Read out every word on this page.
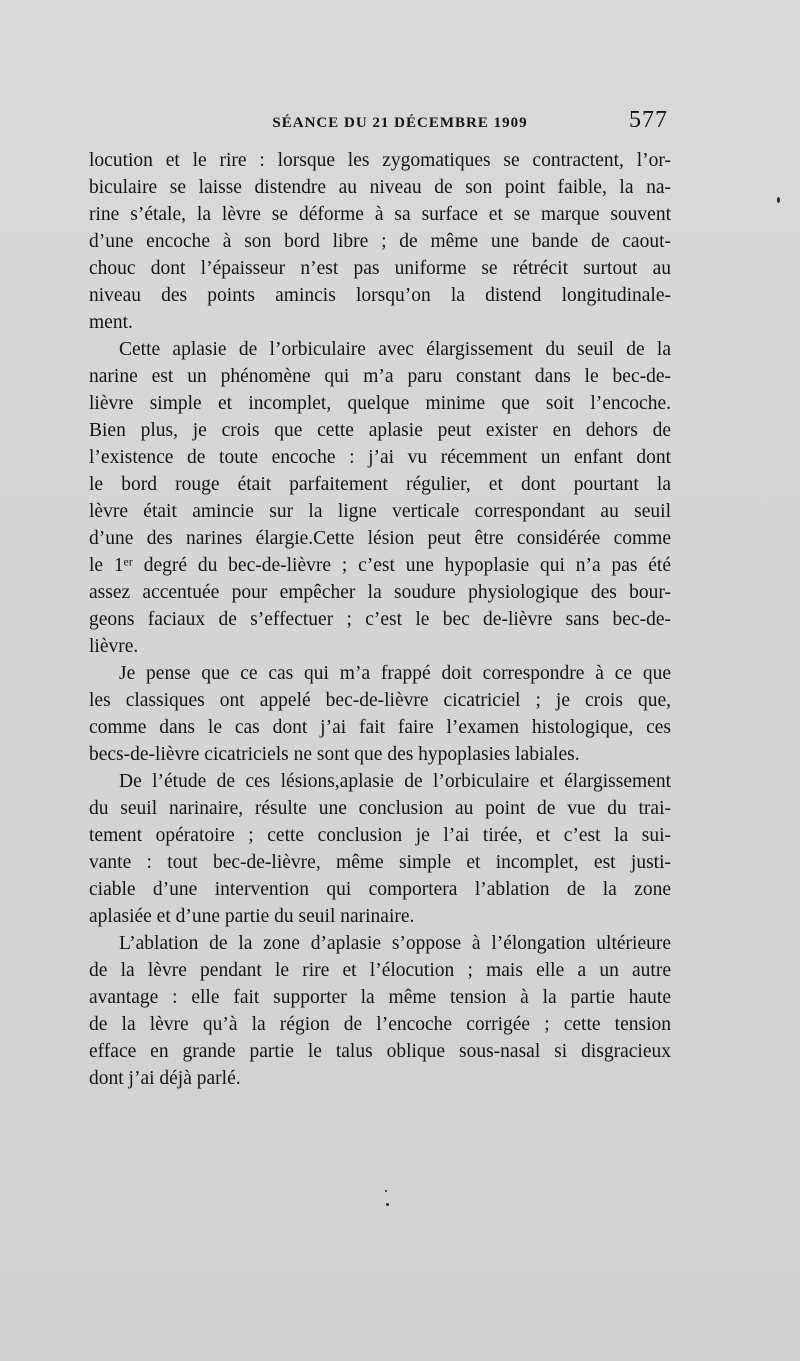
SÉANCE DU 21 DÉCEMBRE 1909	577
locution et le rire : lorsque les zygomatiques se contractent, l’or-
biculaire se laisse distendre au niveau de son point faible, la na-
rine s’étale, la lèvre se déforme à sa surface et se marque souvent
d’une encoche à son bord libre ; de même une bande de caout-
chouc dont l’épaisseur n’est pas uniforme se rétrécit surtout au
niveau des points amincis lorsqu’on la distend longitudinale-
ment.
Cette aplasie de l’orbiculaire avec élargissement du seuil de la
narine est un phénomène qui m’a paru constant dans le bec-de-
lièvre simple et incomplet, quelque minime que soit l’encoche.
Bien plus, je crois que cette aplasie peut exister en dehors de
l’existence de toute encoche : j’ai vu récemment un enfant dont
le bord rouge était parfaitement régulier, et dont pourtant la
lèvre était amincie sur la ligne verticale correspondant au seuil
d’une des narines élargie.Cette lésion peut être considérée comme
le 1ᵉʳ degré du bec-de-lièvre ; c’est une hypoplasie qui n’a pas été
assez accentuée pour empêcher la soudure physiologique des bour-
geons faciaux de s’effectuer ; c’est le bec de-lièvre sans bec-de-
lièvre.
Je pense que ce cas qui m’a frappé doit correspondre à ce que
les classiques ont appelé bec-de-lièvre cicatriciel ; je crois que,
comme dans le cas dont j’ai fait faire l’examen histologique, ces
becs-de-lièvre cicatriciels ne sont que des hypoplasies labiales.
De l’étude de ces lésions,aplasie de l’orbiculaire et élargissement
du seuil narinaire, résulte une conclusion au point de vue du trai-
tement opératoire ; cette conclusion je l’ai tirée, et c’est la sui-
vante : tout bec-de-lièvre, même simple et incomplet, est justi-
ciable d’une intervention qui comportera l’ablation de la zone
aplasiée et d’une partie du seuil narinaire.
L’ablation de la zone d’aplasie s’oppose à l’élongation ultérieure
de la lèvre pendant le rire et l’élocution ; mais elle a un autre
avantage : elle fait supporter la même tension à la partie haute
de la lèvre qu’à la région de l’encoche corrigée ; cette tension
efface en grande partie le talus oblique sous-nasal si disgracieux
dont j’ai déjà parlé.
